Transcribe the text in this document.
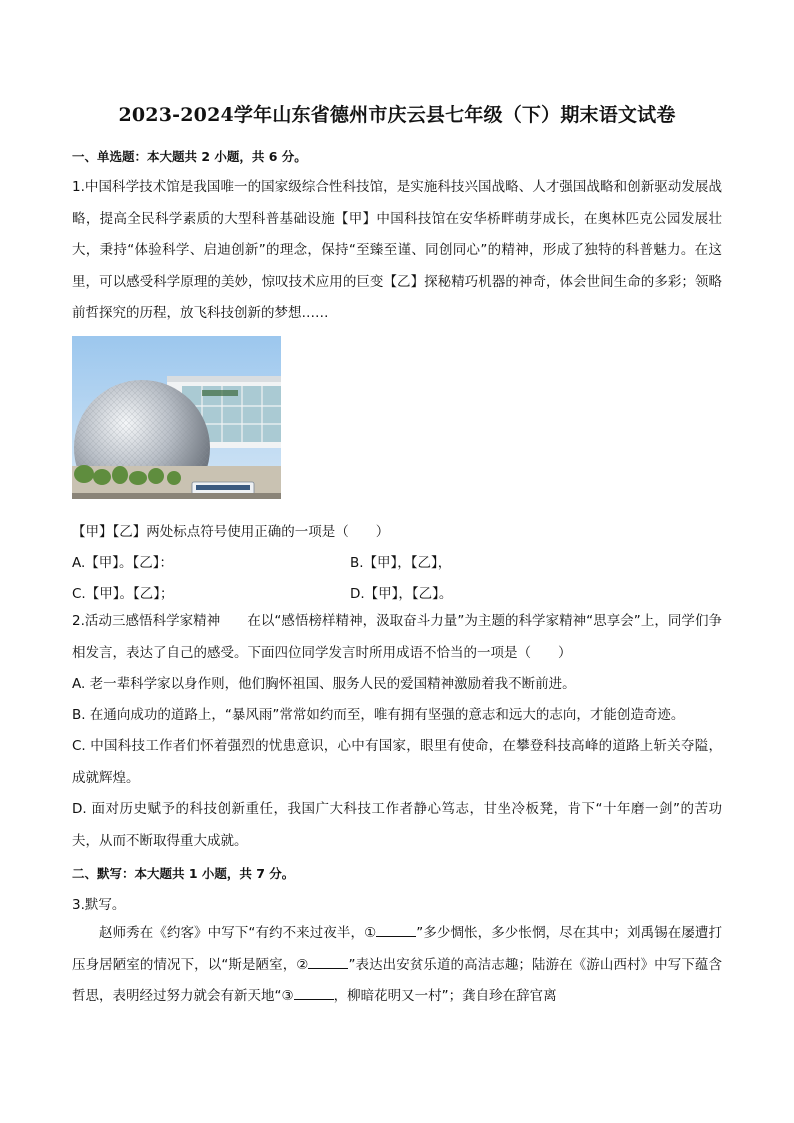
2023-2024学年山东省德州市庆云县七年级（下）期末语文试卷
一、单选题：本大题共 2 小题，共 6 分。
1.中国科学技术馆是我国唯一的国家级综合性科技馆，是实施科技兴国战略、人才强国战略和创新驱动发展战略，提高全民科学素质的大型科普基础设施【甲】中国科技馆在安华桥畔萌芽成长，在奥林匹克公园发展壮大，秉持“体验科学、启迪创新”的理念，保持“至臻至谨、同创同心”的精神，形成了独特的科普魅力。在这里，可以感受科学原理的美妙，惊叹技术应用的巨变【乙】探秘精巧机器的神奇，体会世间生命的多彩；领略前哲探究的历程，放飞科技创新的梦想……
【甲】【乙】两处标点符号使用正确的一项是（　　）
A.【甲】。【乙】：	B.【甲】，【乙】，
C.【甲】。【乙】；	D.【甲】，【乙】。
2.活动三感悟科学家精神　　在以“感悟榜样精神，汲取奋斗力量”为主题的科学家精神“思享会”上，同学们争相发言，表达了自己的感受。下面四位同学发言时所用成语不恰当的一项是（　　）
A. 老一辈科学家以身作则，他们胸怀祖国、服务人民的爱国精神激励着我不断前进。
B. 在通向成功的道路上，“暴风雨”常常如约而至，唯有拥有坚强的意志和远大的志向，才能创造奇迹。
C. 中国科技工作者们怀着强烈的忧患意识，心中有国家，眼里有使命，在攀登科技高峰的道路上斩关夺隘，成就辉煌。
D. 面对历史赋予的科技创新重任，我国广大科技工作者静心笃志，甘坐冷板凳，肯下“十年磨一剑”的苦功夫，从而不断取得重大成就。
二、默写：本大题共 1 小题，共 7 分。
3.默写。
赵师秀在《约客》中写下“有约不来过夜半，①	”多少惆怅，多少怅惘，尽在其中；刘禹锡在屡遭打压身居陋室的情况下，以“斯是陋室，②	”表达出安贫乐道的高洁志趣；陆游在《游山西村》中写下蕴含哲思，表明经过努力就会有新天地“③	，柳暗花明又一村”；龚自珍在辞官离
